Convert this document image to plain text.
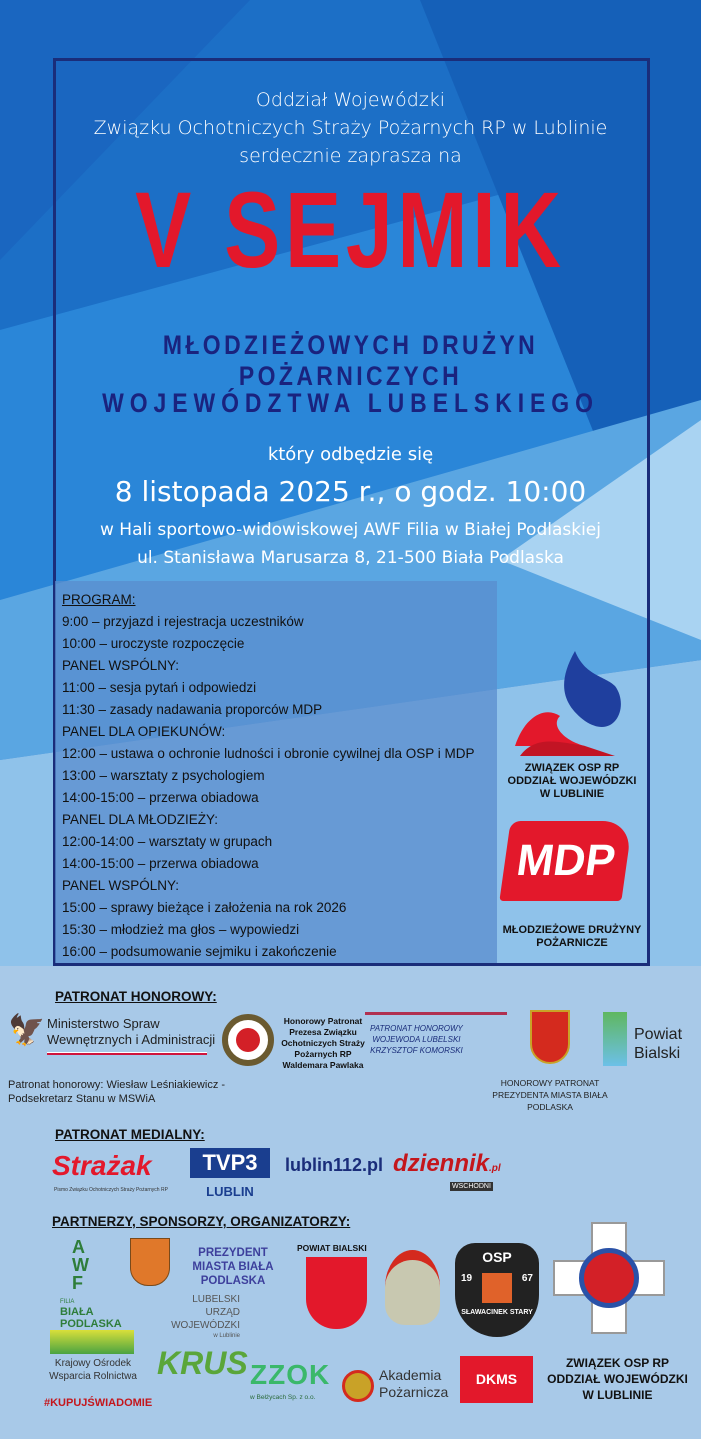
Oddział Wojewódzki
Związku Ochotniczych Straży Pożarnych RP w Lublinie
serdecznie zaprasza na
V SEJMIK
MŁODZIEŻOWYCH DRUŻYN POŻARNICZYCH
WOJEWÓDZTWA LUBELSKIEGO
który odbędzie się
8 listopada 2025 r., o godz. 10:00
w Hali sportowo-widowiskowej AWF Filia w Białej Podlaskiej
ul. Stanisława Marusarza 8, 21-500 Biała Podlaska
PROGRAM:
9:00 – przyjazd i rejestracja uczestników
10:00 – uroczyste rozpoczęcie
PANEL WSPÓLNY:
11:00 – sesja pytań i odpowiedzi
11:30 – zasady nadawania proporców MDP
PANEL DLA OPIEKUNÓW:
12:00 – ustawa o ochronie ludności i obronie cywilnej dla OSP i MDP
13:00 – warsztaty z psychologiem
14:00-15:00 – przerwa obiadowa
PANEL DLA MŁODZIEŻY:
12:00-14:00 – warsztaty w grupach
14:00-15:00 – przerwa obiadowa
PANEL WSPÓLNY:
15:00 – sprawy bieżące i założenia na rok 2026
15:30 – młodzież ma głos – wypowiedzi
16:00 – podsumowanie sejmiku i zakończenie
ZWIĄZEK OSP RP ODDZIAŁ WOJEWÓDZKI W LUBLINIE
MDP
MŁODZIEŻOWE DRUŻYNY POŻARNICZE
PATRONAT HONOROWY:
🦅 Ministerstwo Spraw
Wewnętrznych i Administracji
Honorowy Patronat Prezesa Związku Ochotniczych Straży Pożarnych RP Waldemara Pawlaka
PATRONAT HONOROWY
WOJEWODA LUBELSKI
KRZYSZTOF KOMORSKI
Powiat Bialski
Patronat honorowy: Wiesław Leśniakiewicz -
Podsekretarz Stanu w MSWiA
HONOROWY PATRONAT
PREZYDENTA MIASTA BIAŁA PODLASKA
PATRONAT MEDIALNY:
Strażak
Pismo Związku Ochotniczych Straży Pożarnych RP
TVP3
LUBLIN
lublin112.pl dziennik.pl
WSCHODNI
PARTNERZY, SPONSORZY, ORGANIZATORZY:
AWF
FILIA
BIAŁA PODLASKA
PREZYDENT MIASTA BIAŁA PODLASKA
POWIAT BIALSKI
LUBELSKI
URZĄD
WOJEWÓDZKI
w Lublinie
OSP
19	67
SŁAWACINEK STARY
Krajowy Ośrodek
Wsparcia Rolnictwa
#KUPUJŚWIADOMIE
KRUS ZZOK
w Bełżycach Sp. z o.o.
Akademia
Pożarnicza
DKMS
ZWIĄZEK OSP RP
ODDZIAŁ WOJEWÓDZKI
W LUBLINIE
